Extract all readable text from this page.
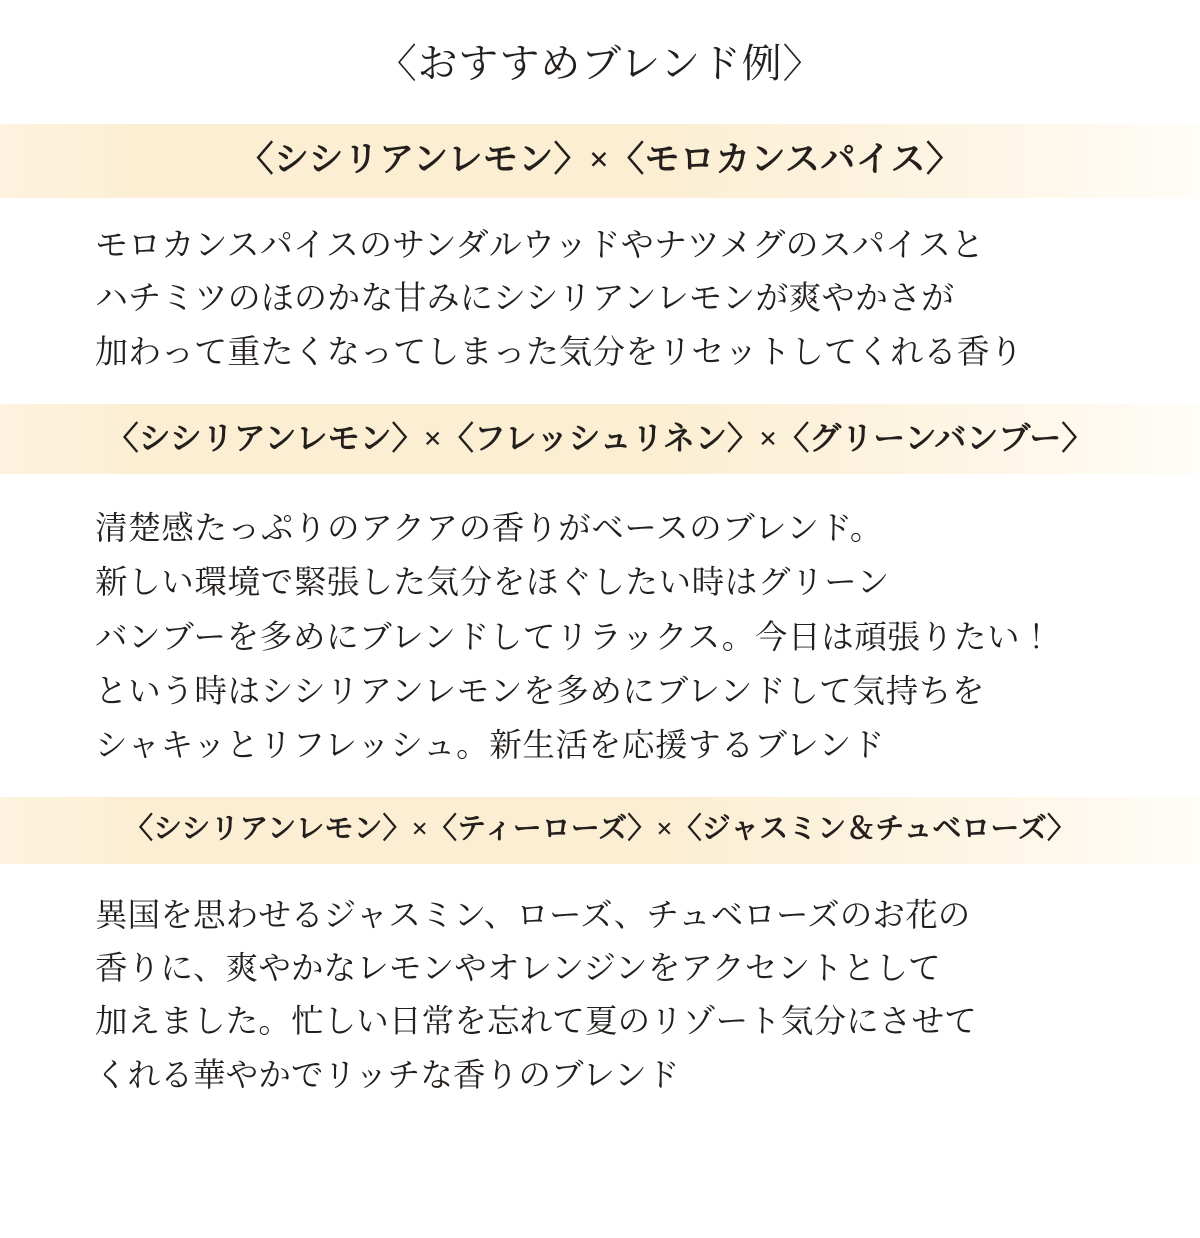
〈おすすめブレンド例〉
〈シシリアンレモン〉×〈モロカンスパイス〉
モロカンスパイスのサンダルウッドやナツメグのスパイスと
ハチミツのほのかな甘みにシシリアンレモンが爽やかさが
加わって重たくなってしまった気分をリセットしてくれる香り
〈シシリアンレモン〉×〈フレッシュリネン〉×〈グリーンバンブー〉
清楚感たっぷりのアクアの香りがベースのブレンド。
新しい環境で緊張した気分をほぐしたい時はグリーン
バンブーを多めにブレンドしてリラックス。今日は頑張りたい！
という時はシシリアンレモンを多めにブレンドして気持ちを
シャキッとリフレッシュ。新生活を応援するブレンド
〈シシリアンレモン〉×〈ティーローズ〉×〈ジャスミン＆チュベローズ〉
異国を思わせるジャスミン、ローズ、チュベローズのお花の
香りに、爽やかなレモンやオレンジンをアクセントとして
加えました。忙しい日常を忘れて夏のリゾート気分にさせて
くれる華やかでリッチな香りのブレンド
